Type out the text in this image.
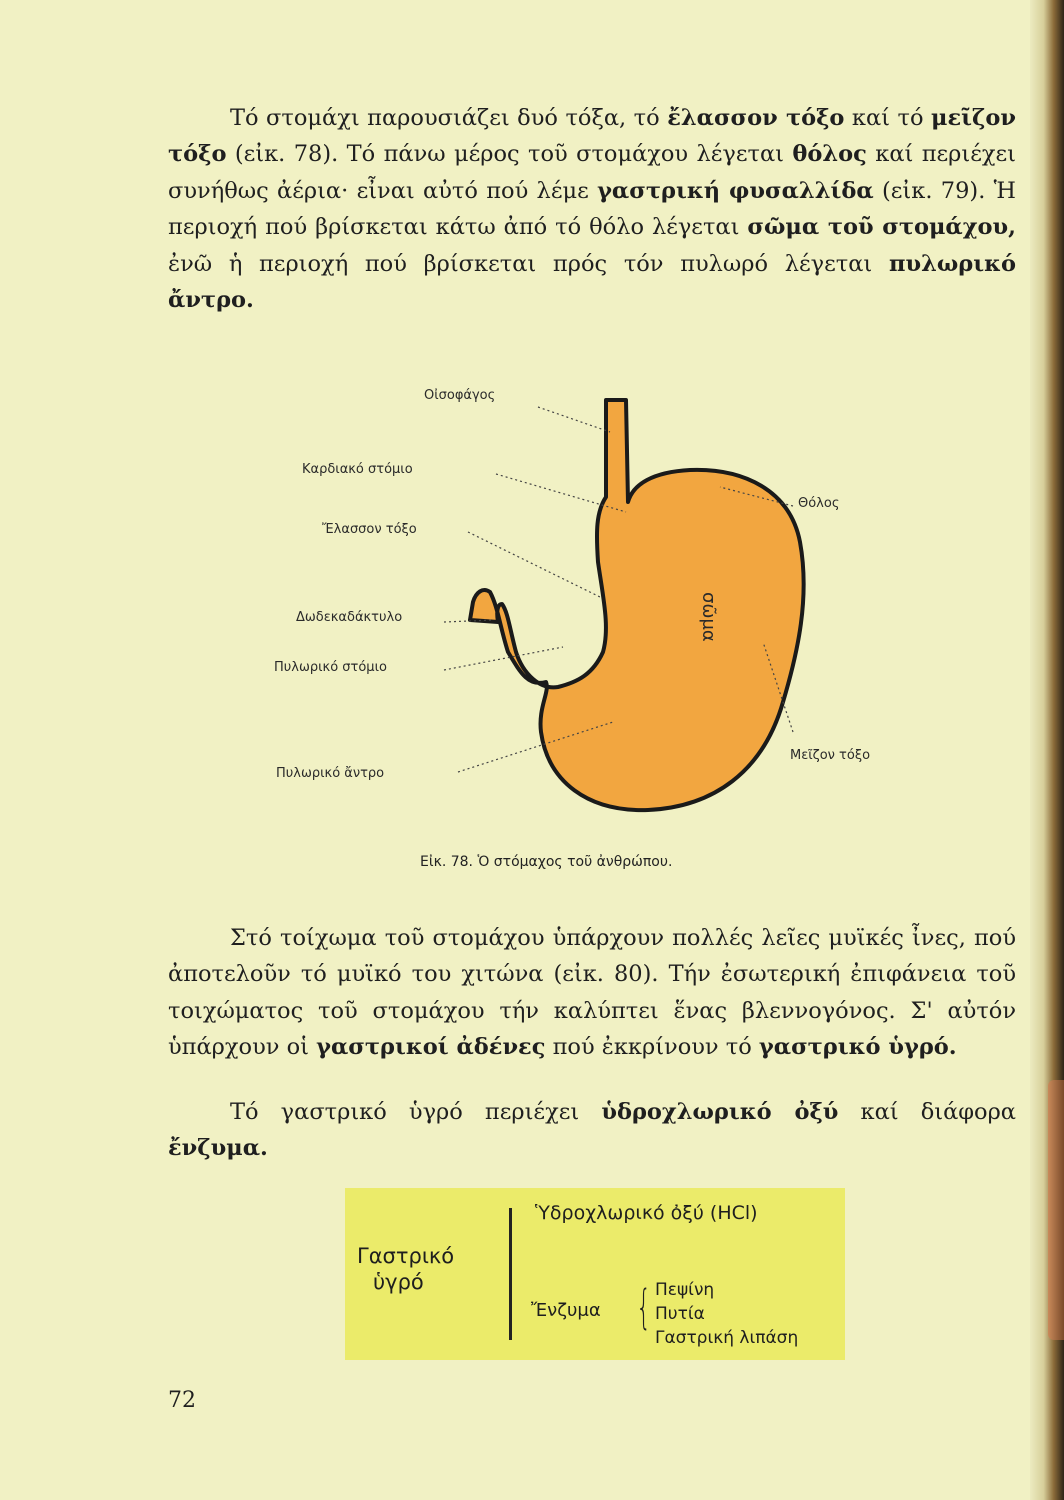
Τό στομάχι παρουσιάζει δυό τόξα, τό ἔλασσον τόξο καί τό μεῖζον τόξο (εἰκ. 78). Τό πάνω μέρος τοῦ στομάχου λέγεται θόλος καί περιέχει συνήθως ἀέρια· εἶναι αὐτό πού λέμε γαστρική φυσαλλίδα (εἰκ. 79). Ἡ περιοχή πού βρίσκεται κάτω ἀπό τό θόλο λέγεται σῶμα τοῦ στομάχου, ἐνῶ ἡ περιοχή πού βρίσκεται πρός τόν πυλωρό λέγεται πυλωρικό ἄντρο.

σῶμα
Οἰσοφάγος
Καρδιακό στόμιο
Ἔλασσον τόξο
Δωδεκαδάκτυλο
Πυλωρικό στόμιο
Πυλωρικό ἄντρο
Θόλος
Μεῖζον τόξο
Εἰκ. 78. Ὁ στόμαχος τοῦ ἀνθρώπου.

Στό τοίχωμα τοῦ στομάχου ὑπάρχουν πολλές λεῖες μυϊκές ἶνες, πού ἀποτελοῦν τό μυϊκό του χιτώνα (εἰκ. 80). Τήν ἐσωτερική ἐπιφάνεια τοῦ τοιχώματος τοῦ στομάχου τήν καλύπτει ἕνας βλεννογόνος. Σ' αὐτόν ὑπάρχουν οἱ γαστρικοί ἀδένες πού ἐκκρίνουν τό γαστρικό ὑγρό.

Τό γαστρικό ὑγρό περιέχει ὑδροχλωρικό ὀξύ καί διάφορα ἔνζυμα.

Γαστρικό
ὑγρό
Ὑδροχλωρικό ὀξύ (HCl)
Ἔνζυμα { Πεψίνη
Πυτία
Γαστρική λιπάση
72
